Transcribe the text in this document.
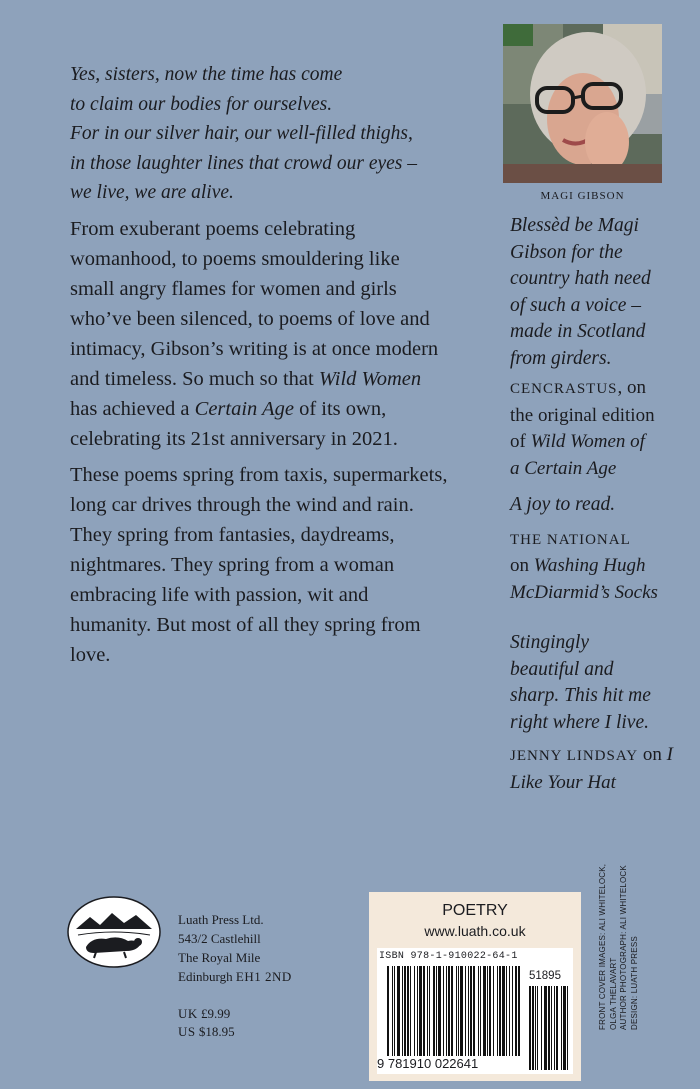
Yes, sisters, now the time has come
to claim our bodies for ourselves.
For in our silver hair, our well-filled thighs,
in those laughter lines that crowd our eyes –
we live, we are alive.
From exuberant poems celebrating
womanhood, to poems smouldering like
small angry flames for women and girls
who’ve been silenced, to poems of love and
intimacy, Gibson’s writing is at once modern
and timeless. So much so that Wild Women
has achieved a Certain Age of its own,
celebrating its 21st anniversary in 2021.
These poems spring from taxis, supermarkets,
long car drives through the wind and rain.
They spring from fantasies, daydreams,
nightmares. They spring from a woman
embracing life with passion, wit and
humanity. But most of all they spring from
love.
MAGI GIBSON
Blessèd be Magi
Gibson for the
country hath need
of such a voice –
made in Scotland
from girders.
CENCRASTUS, on
the original edition
of Wild Women of
a Certain Age
A joy to read.
THE NATIONAL
on Washing Hugh
McDiarmid’s Socks
Stingingly
beautiful and
sharp. This hit me
right where I live.
JENNY LINDSAY on I
Like Your Hat
Luath Press Ltd.
543/2 Castlehill
The Royal Mile
Edinburgh EH1 2ND
UK £9.99
US $18.95
POETRY
www.luath.co.uk
ISBN 978-1-910022-64-1
51895
9 781910 022641
FRONT COVER IMAGES: ALI WHITELOCK, OLGA THELAVART AUTHOR PHOTOGRAPH: ALI WHITELOCK DESIGN: LUATH PRESS
